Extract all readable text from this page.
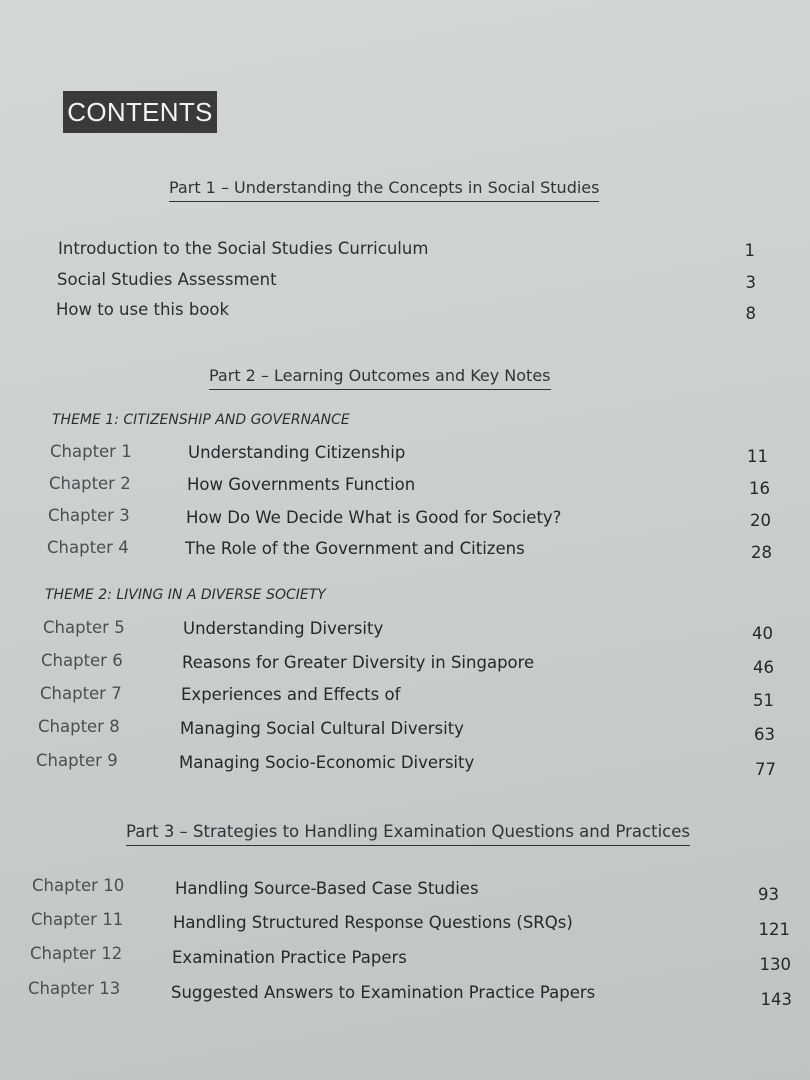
CONTENTS
Part 1 – Understanding the Concepts in Social Studies
Introduction to the Social Studies Curriculum	1
Social Studies Assessment	3
How to use this book	8
Part 2 – Learning Outcomes and Key Notes
THEME 1: CITIZENSHIP AND GOVERNANCE
Chapter 1	Understanding Citizenship	11
Chapter 2	How Governments Function	16
Chapter 3	How Do We Decide What is Good for Society?	20
Chapter 4	The Role of the Government and Citizens	28
THEME 2: LIVING IN A DIVERSE SOCIETY
Chapter 5	Understanding Diversity	40
Chapter 6	Reasons for Greater Diversity in Singapore	46
Chapter 7	Experiences and Effects of	51
Chapter 8	Managing Social Cultural Diversity	63
Chapter 9	Managing Socio-Economic Diversity	77
Part 3 – Strategies to Handling Examination Questions and Practices
Chapter 10	Handling Source-Based Case Studies	93
Chapter 11	Handling Structured Response Questions (SRQs)	121
Chapter 12	Examination Practice Papers	130
Chapter 13	Suggested Answers to Examination Practice Papers	143
